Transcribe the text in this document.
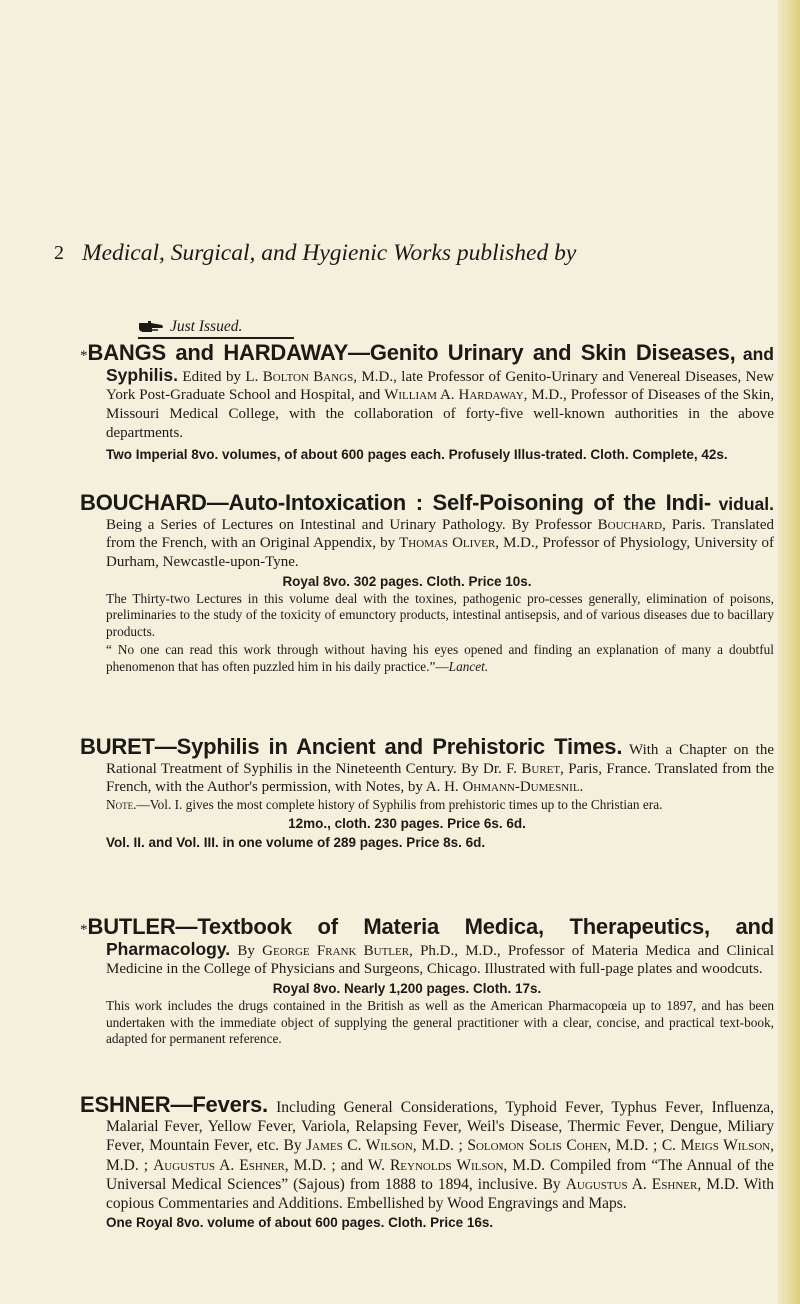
2 Medical, Surgical, and Hygienic Works published by
Just Issued.

*BANGS and HARDAWAY—Genito Urinary and Skin Diseases, and Syphilis. Edited by L. Bolton Bangs, M.D., late Professor of Genito-Urinary and Venereal Diseases, New York Post-Graduate School and Hospital, and William A. Hardaway, M.D., Professor of Diseases of the Skin, Missouri Medical College, with the collaboration of forty-five well-known authorities in the above departments.

Two Imperial 8vo. volumes, of about 600 pages each. Profusely Illus-trated. Cloth. Complete, 42s.

BOUCHARD—Auto-Intoxication : Self-Poisoning of the Indi- vidual. Being a Series of Lectures on Intestinal and Urinary Pathology. By Professor Bouchard, Paris. Translated from the French, with an Original Appendix, by Thomas Oliver, M.D., Professor of Physiology, University of Durham, Newcastle-upon-Tyne.

Royal 8vo. 302 pages. Cloth. Price 10s.

The Thirty-two Lectures in this volume deal with the toxines, pathogenic pro-cesses generally, elimination of poisons, preliminaries to the study of the toxicity of emunctory products, intestinal antisepsis, and of various diseases due to bacillary products.

“ No one can read this work through without having his eyes opened and finding an explanation of many a doubtful phenomenon that has often puzzled him in his daily practice.”—Lancet.

BURET—Syphilis in Ancient and Prehistoric Times. With a Chapter on the Rational Treatment of Syphilis in the Nineteenth Century. By Dr. F. Buret, Paris, France. Translated from the French, with the Author's permission, with Notes, by A. H. Ohmann-Dumesnil.

Note.—Vol. I. gives the most complete history of Syphilis from prehistoric times up to the Christian era.

12mo., cloth. 230 pages. Price 6s. 6d.

Vol. II. and Vol. III. in one volume of 289 pages. Price 8s. 6d.

*BUTLER—Textbook of Materia Medica, Therapeutics, and Pharmacology. By George Frank Butler, Ph.D., M.D., Professor of Materia Medica and Clinical Medicine in the College of Physicians and Surgeons, Chicago. Illustrated with full-page plates and woodcuts.

Royal 8vo. Nearly 1,200 pages. Cloth. 17s.

This work includes the drugs contained in the British as well as the American Pharmacopœia up to 1897, and has been undertaken with the immediate object of supplying the general practitioner with a clear, concise, and practical text-book, adapted for permanent reference.

ESHNER—Fevers. Including General Considerations, Typhoid Fever, Typhus Fever, Influenza, Malarial Fever, Yellow Fever, Variola, Relapsing Fever, Weil's Disease, Thermic Fever, Dengue, Miliary Fever, Mountain Fever, etc. By James C. Wilson, M.D. ; Solomon Solis Cohen, M.D. ; C. Meigs Wilson, M.D. ; Augustus A. Eshner, M.D. ; and W. Reynolds Wilson, M.D. Compiled from “The Annual of the Universal Medical Sciences” (Sajous) from 1888 to 1894, inclusive. By Augustus A. Eshner, M.D. With copious Commentaries and Additions. Embellished by Wood Engravings and Maps.

One Royal 8vo. volume of about 600 pages. Cloth. Price 16s.
